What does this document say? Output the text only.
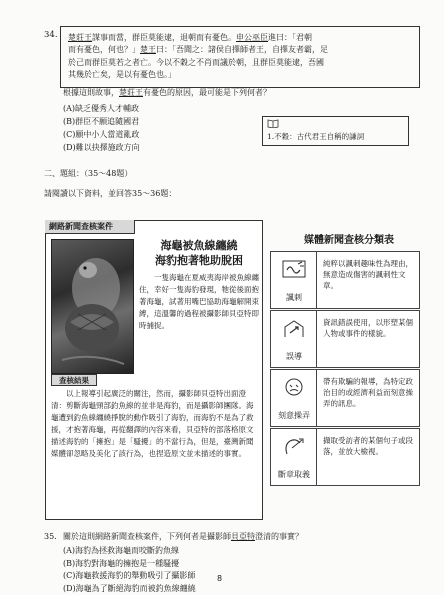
34. 楚莊王謀事而當，群臣莫能逮，退朝而有憂色。申公巫臣進曰：「君朝
而有憂色，何也？」楚王曰：「吾聞之：諸侯自擇師者王，自擇友者霸，足
於己而群臣莫若之者亡。今以不穀之不肖而議於朝，且群臣莫能逮，吾國
其幾於亡矣，是以有憂色也。」
根據這則故事，楚莊王有憂色的原因，最可能是下列何者？
(A)缺乏優秀人才輔政
(B)群臣不願追隨國君
(C)願中小人當道亂政
(D)難以抉擇施政方向
1.不穀：古代君王自稱的謙詞
二、題組：（35～48題）
請閱讀以下資料，並回答35～36題：
網路新聞查核案件
海龜被魚線纏繞
海豹抱著牠助脫困
一隻海龜在夏威夷海岸被魚線纏住，幸好一隻海豹發現，牠從後面抱著海龜，試著用嘴巴協助海龜解開束縛，這溫馨的過程被攝影師貝亞特即時捕捉。
查核結果
以上報導引起廣泛的關注，然而，攝影師貝亞特出面澄清：剪斷海龜頸部釣魚線的並非是海豹，而是攝影師團隊。海龜遭到釣魚線纏繞掙脫的動作吸引了海豹，而海豹不是為了救援，才抱著海龜，再從翻譯的內容來看，貝亞特的部落格原文描述海豹的「擁抱」是「騷擾」的不當行為，但是，臺灣新聞媒體卻忽略及美化了該行為，也捏造原文並未描述的事實。
媒體新聞查核分類表
諷刺
純粹以諷刺趣味性為理由，無意造成傷害的諷刺性文章。
誤導
資訊錯誤使用，以形塑某個人物或事件的樣貌。
刻意操弄
帶有欺騙的報導，為特定政治目的或經濟利益而刻意操弄的訊息。
斷章取義
擷取受訪者的某個句子或段落，並放大檢視。
35. 關於這則網路新聞查核案件，下列何者是攝影師貝亞特澄清的事實？
(A)海豹為拯救海龜而咬斷釣魚線
(B)海豹對海龜的擁抱是一種騷擾
(C)海龜救援海豹的舉動吸引了攝影師
(D)海龜為了斷絕海豹而被釣魚線纏繞
8
